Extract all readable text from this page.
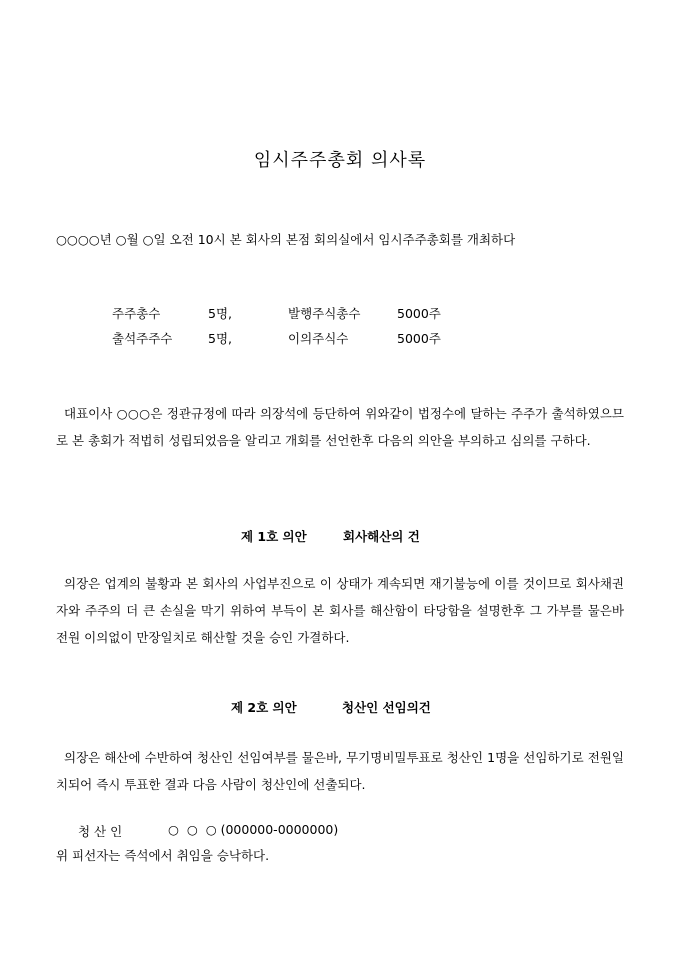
임시주주총회 의사록
○○○○년 ○월 ○일 오전 10시 본 회사의 본점 회의실에서 임시주주총회를 개최하다
주주총수	5명,	발행주식총수	5000주
출석주주수	5명,	이의주식수	5000주
대표이사 ○○○은 정관규정에 따라 의장석에 등단하여 위와같이 법정수에 달하는 주주가 출석하였으므로 본 총회가 적법히 성립되었음을 알리고 개회를 선언한후 다음의 의안을 부의하고 심의를 구하다.
제 1호 의안	회사해산의 건
의장은 업계의 불황과 본 회사의 사업부진으로 이 상태가 계속되면 재기불능에 이를 것이므로 회사채권자와 주주의 더 큰 손실을 막기 위하여 부득이 본 회사를 해산함이 타당함을 설명한후 그 가부를 물은바 전원 이의없이 만장일치로 해산할 것을 승인 가결하다.
제 2호 의안	청산인 선임의건
의장은 해산에 수반하여 청산인 선임여부를 물은바, 무기명비밀투표로 청산인 1명을 선임하기로 전원일치되어 즉시 투표한 결과 다음 사람이 청산인에 선출되다.
청 산 인	○  ○  ○ (000000-0000000)
위 피선자는 즉석에서 취임을 승낙하다.
